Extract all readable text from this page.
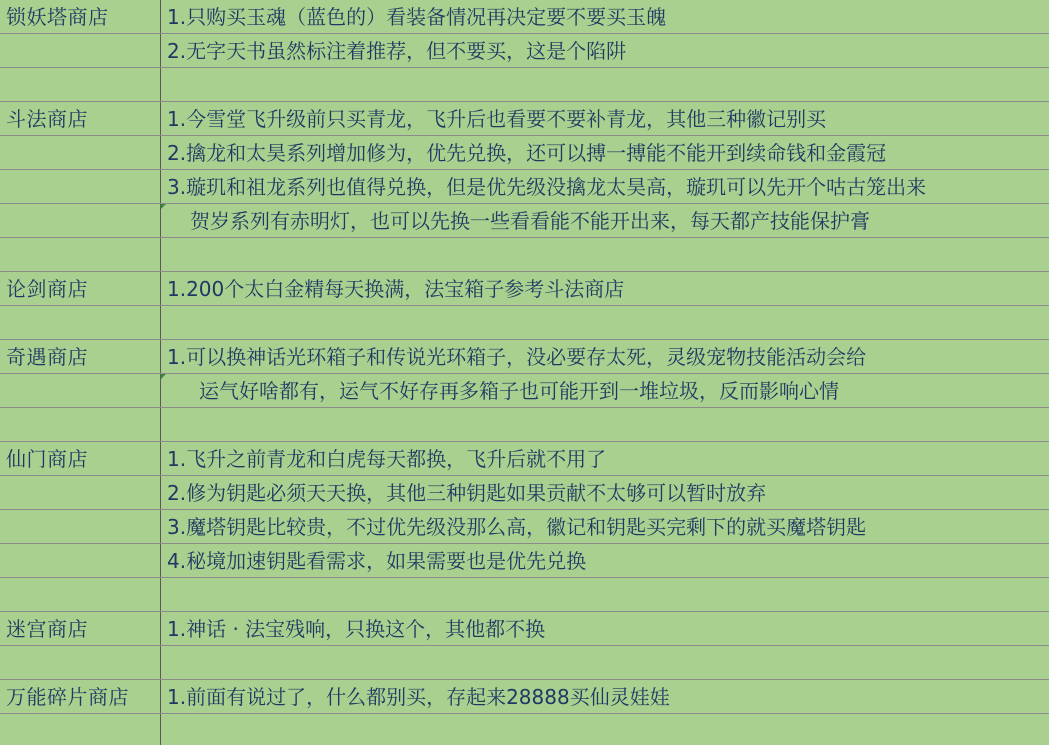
锁妖塔商店	1.只购买玉魂（蓝色的）看装备情况再决定要不要买玉魄
2.无字天书虽然标注着推荐，但不要买，这是个陷阱
斗法商店	1.今雪堂飞升级前只买青龙，飞升后也看要不要补青龙，其他三种徽记别买
2.擒龙和太昊系列增加修为，优先兑换，还可以搏一搏能不能开到续命钱和金霞冠
3.璇玑和祖龙系列也值得兑换，但是优先级没擒龙太昊高，璇玑可以先开个咕古笼出来
贺岁系列有赤明灯，也可以先换一些看看能不能开出来，每天都产技能保护膏
论剑商店	1.200个太白金精每天换满，法宝箱子参考斗法商店
奇遇商店	1.可以换神话光环箱子和传说光环箱子，没必要存太死，灵级宠物技能活动会给
运气好啥都有，运气不好存再多箱子也可能开到一堆垃圾，反而影响心情
仙门商店	1.飞升之前青龙和白虎每天都换，飞升后就不用了
2.修为钥匙必须天天换，其他三种钥匙如果贡献不太够可以暂时放弃
3.魔塔钥匙比较贵，不过优先级没那么高，徽记和钥匙买完剩下的就买魔塔钥匙
4.秘境加速钥匙看需求，如果需要也是优先兑换
迷宫商店	1.神话 · 法宝残响，只换这个，其他都不换
万能碎片商店	1.前面有说过了，什么都别买，存起来28888买仙灵娃娃
